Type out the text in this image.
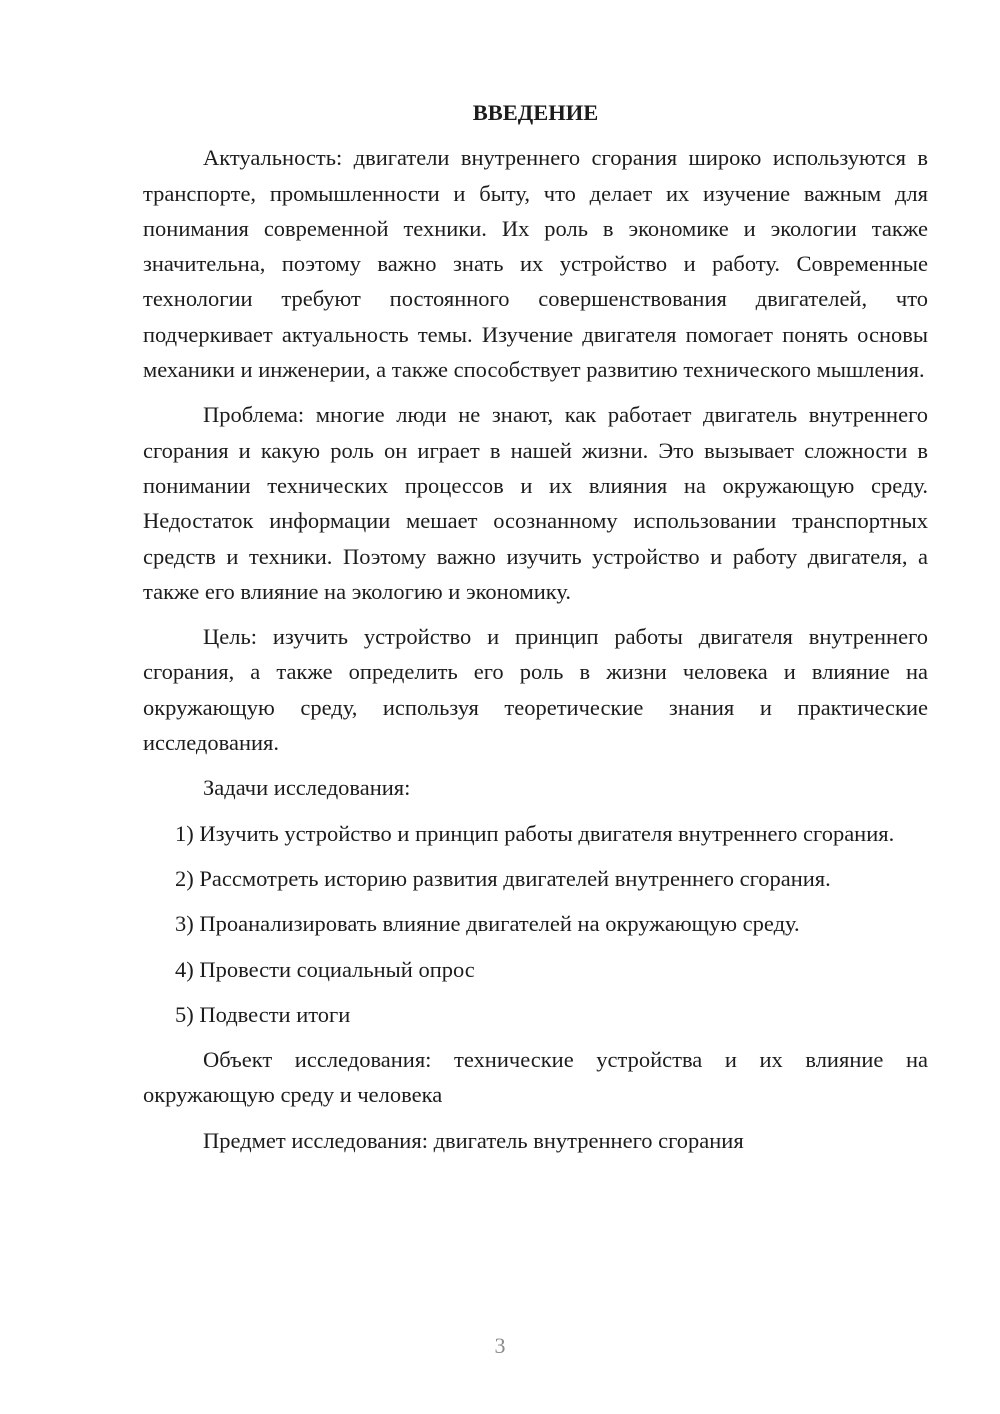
ВВЕДЕНИЕ

Актуальность: двигатели внутреннего сгорания широко используются в транспорте, промышленности и быту, что делает их изучение важным для понимания современной техники. Их роль в экономике и экологии также значительна, поэтому важно знать их устройство и работу. Современные технологии требуют постоянного совершенствования двигателей, что подчеркивает актуальность темы. Изучение двигателя помогает понять основы механики и инженерии, а также способствует развитию технического мышления.

Проблема: многие люди не знают, как работает двигатель внутреннего сгорания и какую роль он играет в нашей жизни. Это вызывает сложности в понимании технических процессов и их влияния на окружающую среду. Недостаток информации мешает осознанному использовании транспортных средств и техники. Поэтому важно изучить устройство и работу двигателя, а также его влияние на экологию и экономику.

Цель: изучить устройство и принцип работы двигателя внутреннего сгорания, а также определить его роль в жизни человека и влияние на окружающую среду, используя теоретические знания и практические исследования.

Задачи исследования:

1) Изучить устройство и принцип работы двигателя внутреннего сгорания.

2) Рассмотреть историю развития двигателей внутреннего сгорания.

3) Проанализировать влияние двигателей на окружающую среду.

4) Провести социальный опрос

5) Подвести итоги

Объект исследования: технические устройства и их влияние на окружающую среду и человека

Предмет исследования: двигатель внутреннего сгорания

3
